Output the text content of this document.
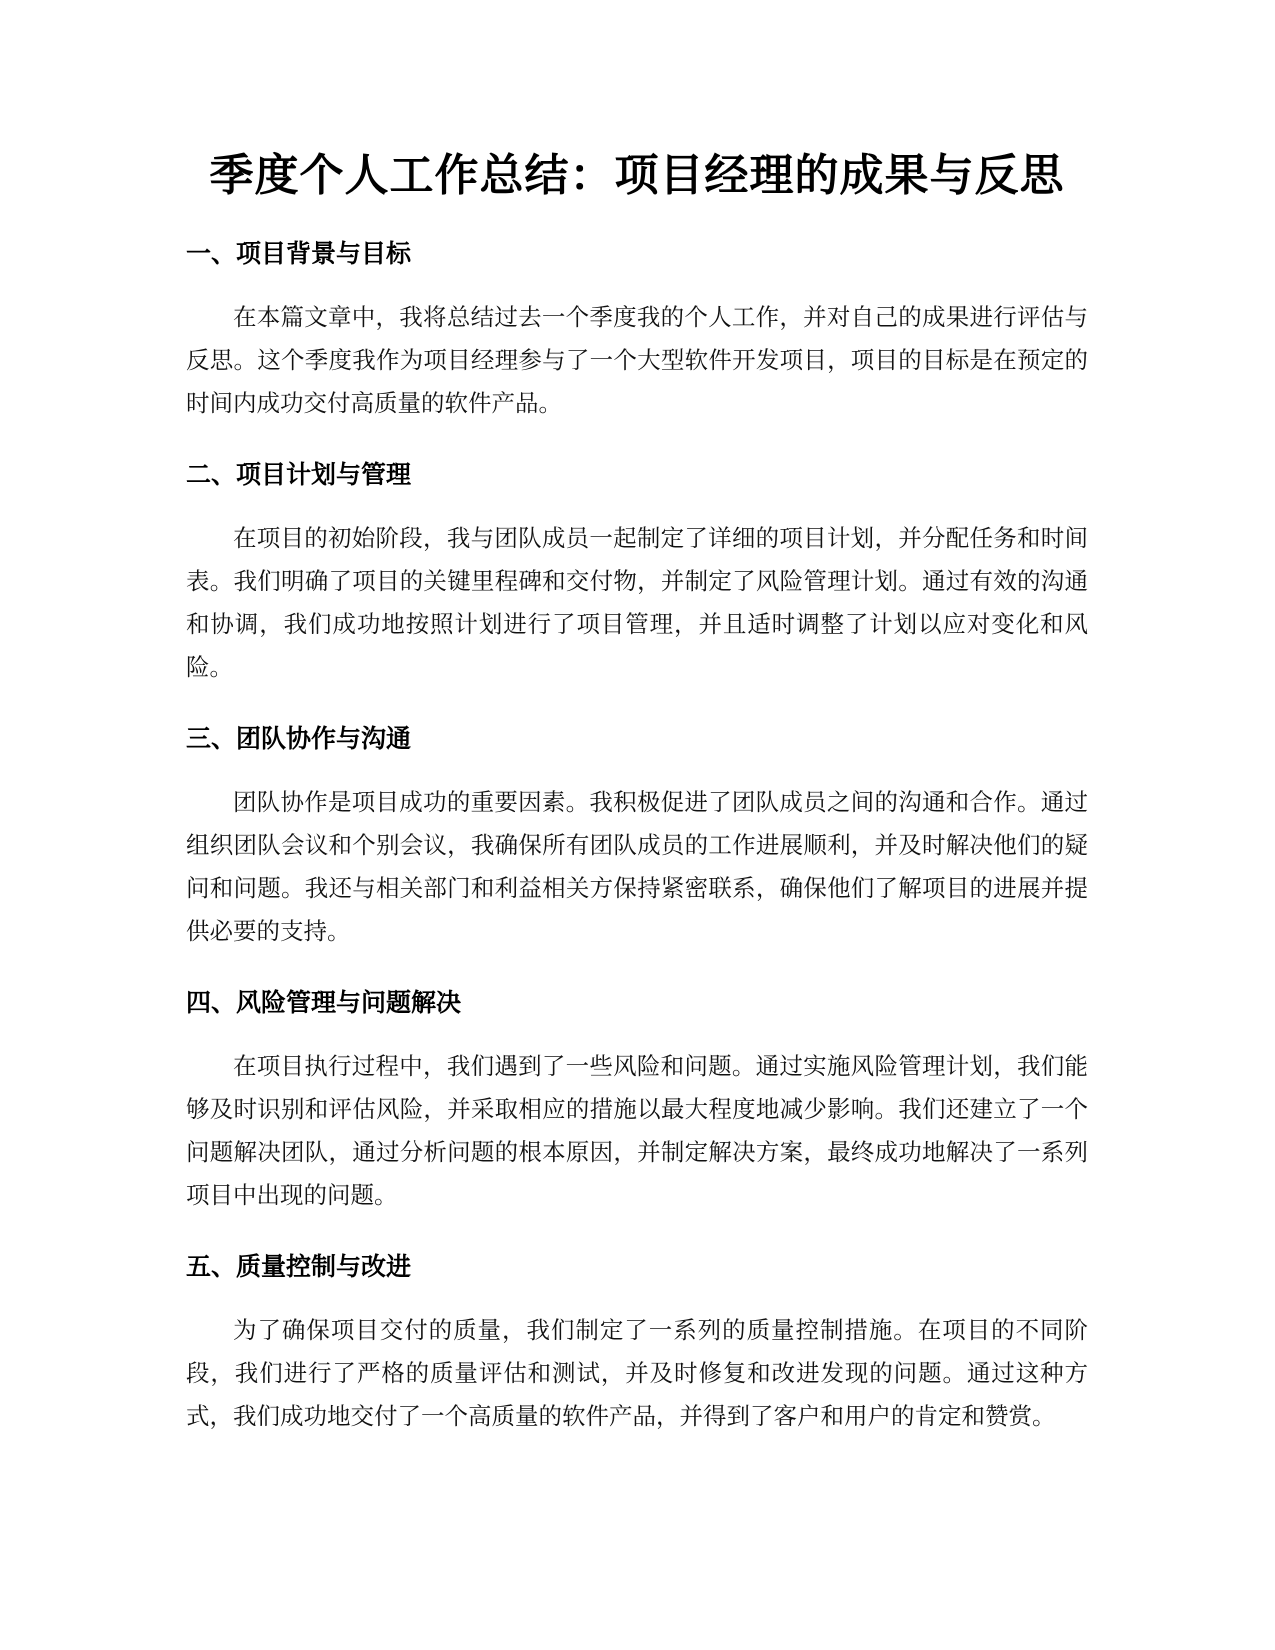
季度个人工作总结：项目经理的成果与反思
一、项目背景与目标

在本篇文章中，我将总结过去一个季度我的个人工作，并对自己的成果进行评估与反思。这个季度我作为项目经理参与了一个大型软件开发项目，项目的目标是在预定的时间内成功交付高质量的软件产品。

二、项目计划与管理

在项目的初始阶段，我与团队成员一起制定了详细的项目计划，并分配任务和时间表。我们明确了项目的关键里程碑和交付物，并制定了风险管理计划。通过有效的沟通和协调，我们成功地按照计划进行了项目管理，并且适时调整了计划以应对变化和风险。

三、团队协作与沟通

团队协作是项目成功的重要因素。我积极促进了团队成员之间的沟通和合作。通过组织团队会议和个别会议，我确保所有团队成员的工作进展顺利，并及时解决他们的疑问和问题。我还与相关部门和利益相关方保持紧密联系，确保他们了解项目的进展并提供必要的支持。

四、风险管理与问题解决

在项目执行过程中，我们遇到了一些风险和问题。通过实施风险管理计划，我们能够及时识别和评估风险，并采取相应的措施以最大程度地减少影响。我们还建立了一个问题解决团队，通过分析问题的根本原因，并制定解决方案，最终成功地解决了一系列项目中出现的问题。

五、质量控制与改进

为了确保项目交付的质量，我们制定了一系列的质量控制措施。在项目的不同阶段，我们进行了严格的质量评估和测试，并及时修复和改进发现的问题。通过这种方式，我们成功地交付了一个高质量的软件产品，并得到了客户和用户的肯定和赞赏。
